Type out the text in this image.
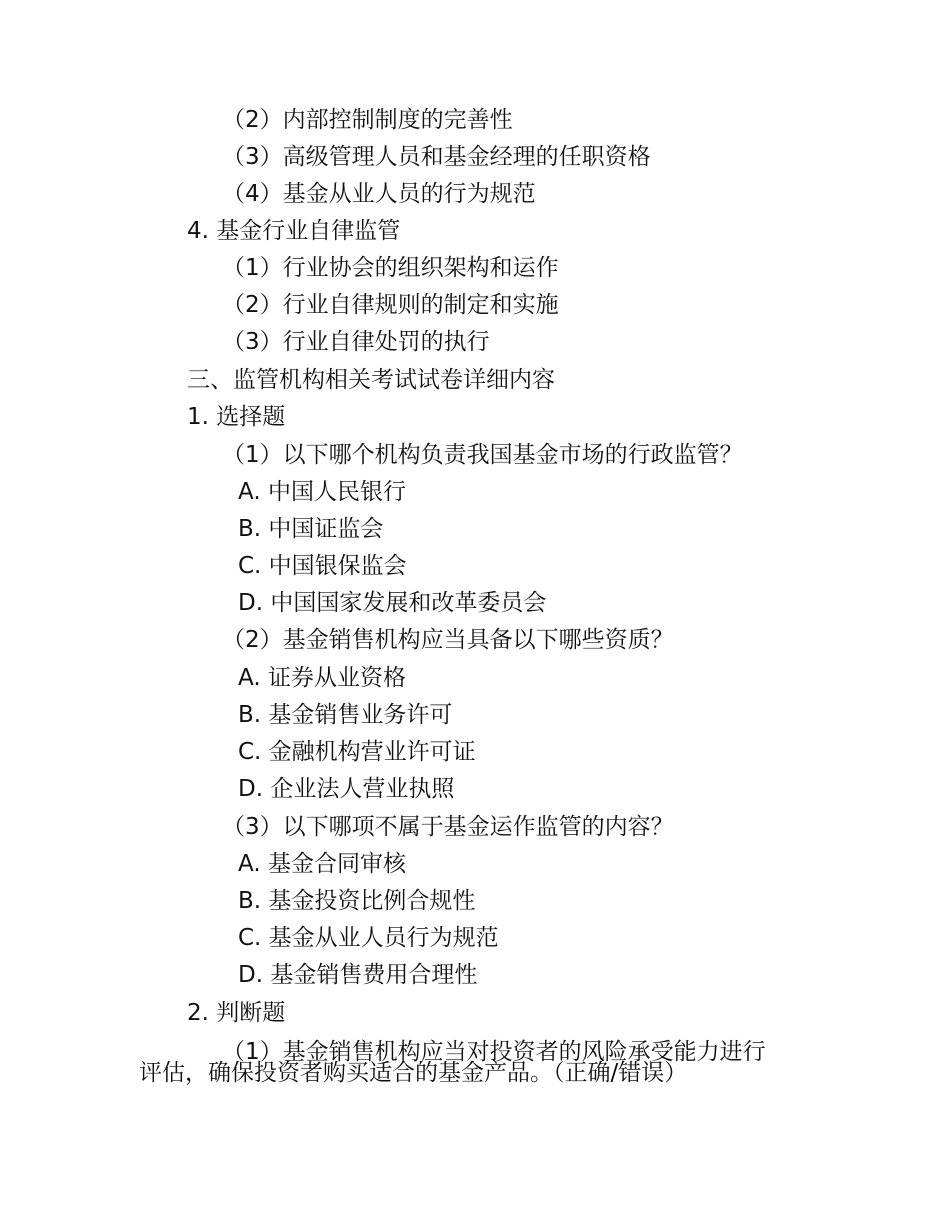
（2）内部控制制度的完善性
（3）高级管理人员和基金经理的任职资格
（4）基金从业人员的行为规范
4. 基金行业自律监管
（1）行业协会的组织架构和运作
（2）行业自律规则的制定和实施
（3）行业自律处罚的执行
三、监管机构相关考试试卷详细内容
1. 选择题
（1）以下哪个机构负责我国基金市场的行政监管？
A. 中国人民银行
B. 中国证监会
C. 中国银保监会
D. 中国国家发展和改革委员会
（2）基金销售机构应当具备以下哪些资质？
A. 证券从业资格
B. 基金销售业务许可
C. 金融机构营业许可证
D. 企业法人营业执照
（3）以下哪项不属于基金运作监管的内容？
A. 基金合同审核
B. 基金投资比例合规性
C. 基金从业人员行为规范
D. 基金销售费用合理性
2. 判断题
（1）基金销售机构应当对投资者的风险承受能力进行
评估，确保投资者购买适合的基金产品。（正确/错误）
